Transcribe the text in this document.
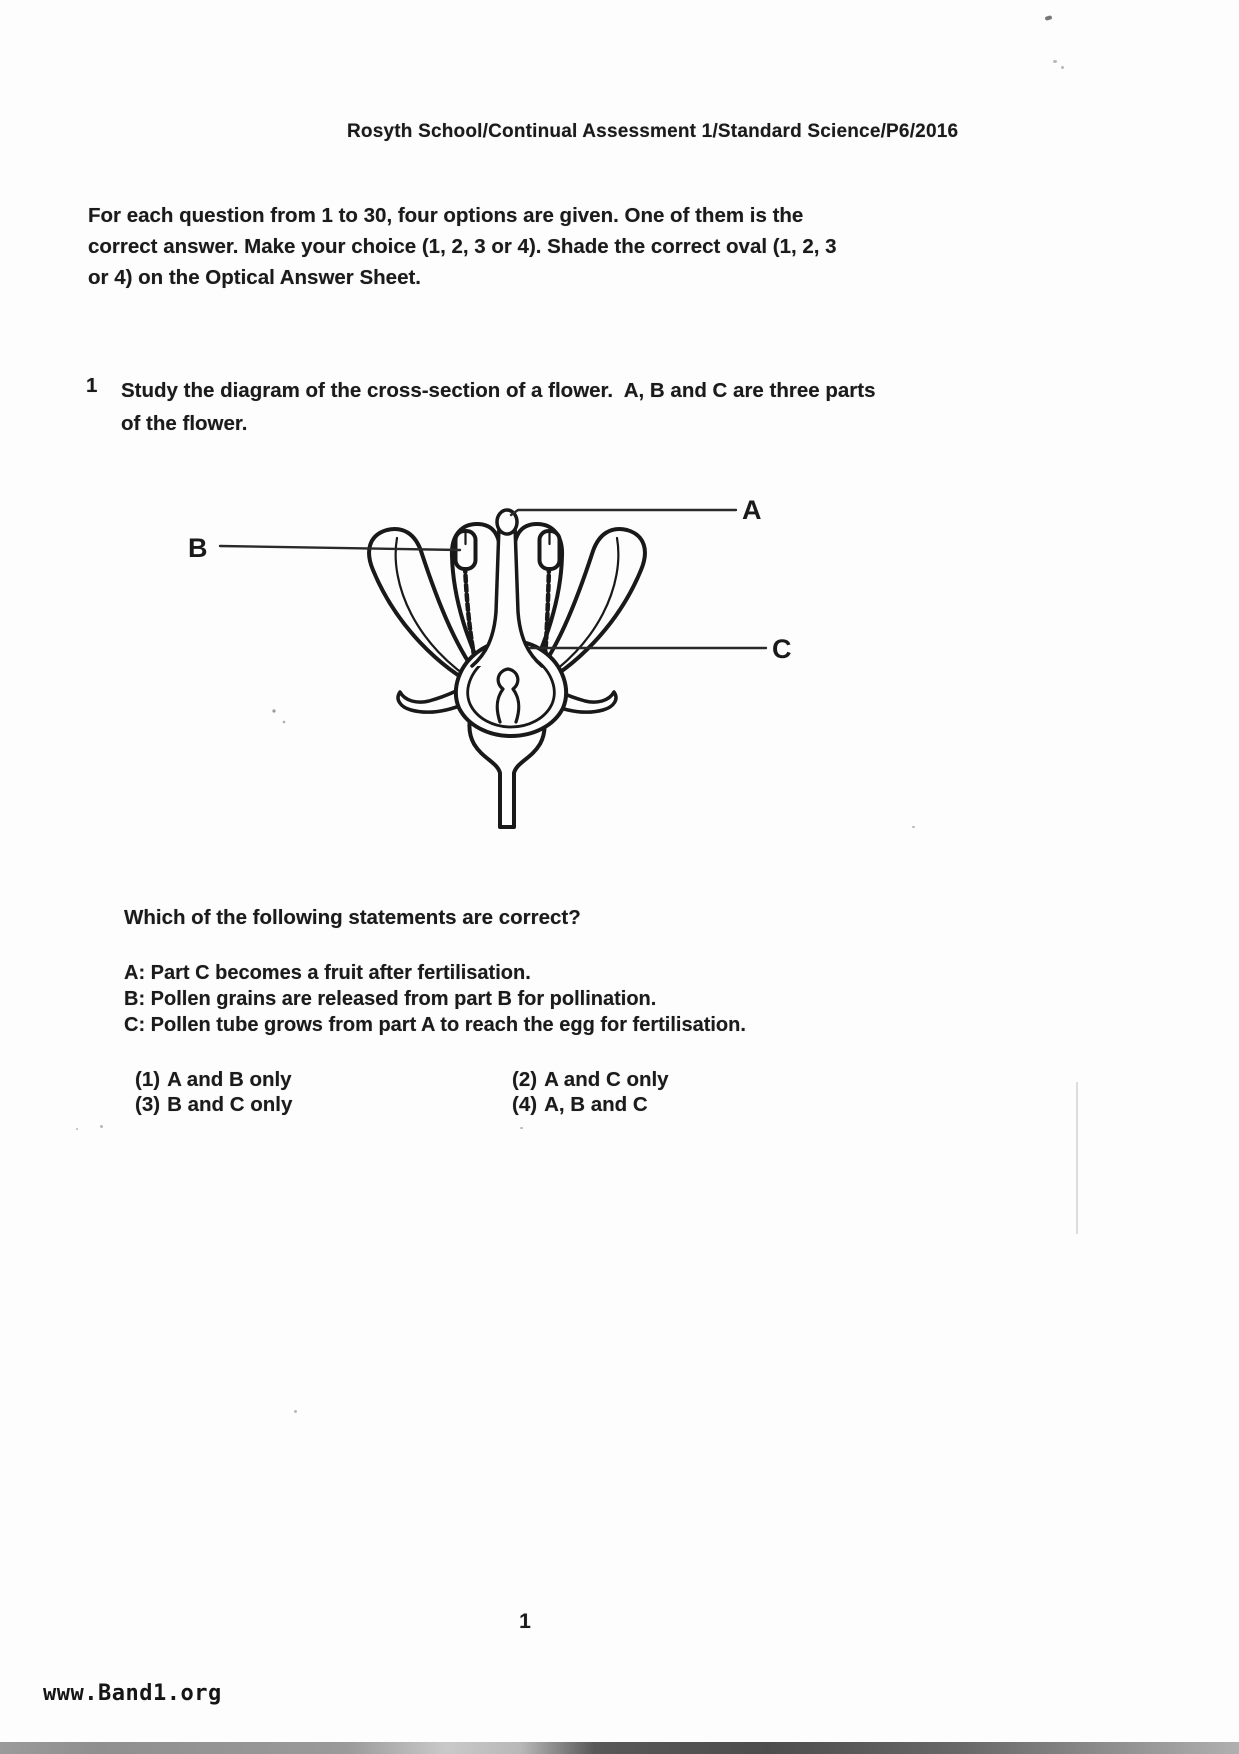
Rosyth School/Continual Assessment 1/Standard Science/P6/2016
For each question from 1 to 30, four options are given. One of them is the
correct answer. Make your choice (1, 2, 3 or 4). Shade the correct oval (1, 2, 3
or 4) on the Optical Answer Sheet.
1 Study the diagram of the cross-section of a flower.  A, B and C are three parts
of the flower.
A
B
C
Which of the following statements are correct?
A: Part C becomes a fruit after fertilisation.
B: Pollen grains are released from part B for pollination.
C: Pollen tube grows from part A to reach the egg for fertilisation.
(1) A and B only	(2) A and C only
(3) B and C only	(4) A, B and C
1
www.Band1.org
